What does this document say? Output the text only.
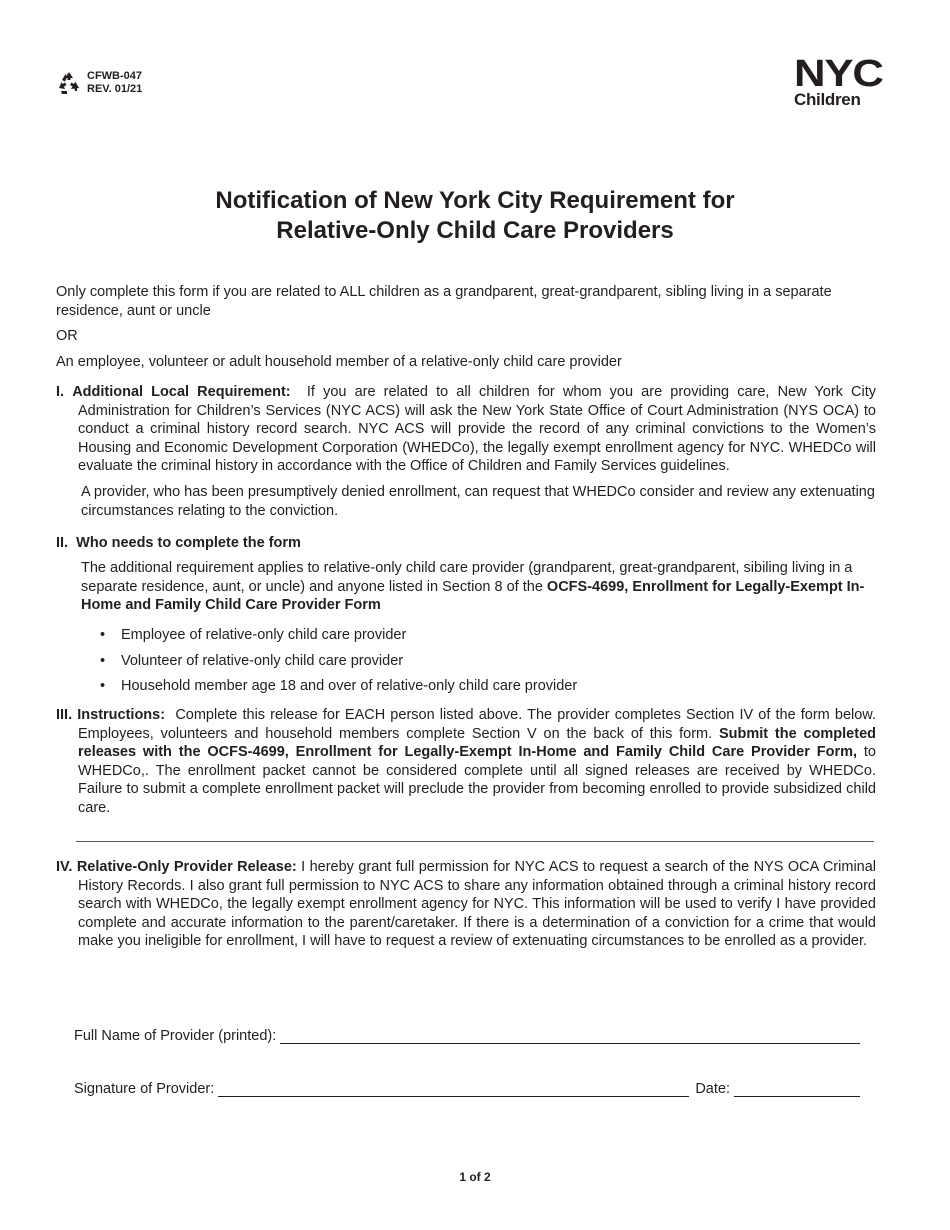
CFWB-047
REV. 01/21	NYC
Children
Notification of New York City Requirement for
Relative-Only Child Care Providers
Only complete this form if you are related to ALL children as a grandparent, great-grandparent, sibling living in a separate residence, aunt or uncle
OR
An employee, volunteer or adult household member of a relative-only child care provider
I. Additional Local Requirement: If you are related to all children for whom you are providing care, New York City Administration for Children’s Services (NYC ACS) will ask the New York State Office of Court Administration (NYS OCA) to conduct a criminal history record search. NYC ACS will provide the record of any criminal convictions to the Women’s Housing and Economic Development Corporation (WHEDCo), the legally exempt enrollment agency for NYC. WHEDCo will evaluate the criminal history in accordance with the Office of Children and Family Services guidelines.
A provider, who has been presumptively denied enrollment, can request that WHEDCo consider and review any extenuating circumstances relating to the conviction.
II. Who needs to complete the form
The additional requirement applies to relative-only child care provider (grandparent, great-grandparent, sibiling living in a separate residence, aunt, or uncle) and anyone listed in Section 8 of the OCFS-4699, Enrollment for Legally-Exempt In-Home and Family Child Care Provider Form
• Employee of relative-only child care provider
• Volunteer of relative-only child care provider
• Household member age 18 and over of relative-only child care provider
III. Instructions: Complete this release for EACH person listed above. The provider completes Section IV of the form below. Employees, volunteers and household members complete Section V on the back of this form. Submit the completed releases with the OCFS-4699, Enrollment for Legally-Exempt In-Home and Family Child Care Provider Form, to WHEDCo,. The enrollment packet cannot be considered complete until all signed releases are received by WHEDCo. Failure to submit a complete enrollment packet will preclude the provider from becoming enrolled to provide subsidized child care.
IV. Relative-Only Provider Release: I hereby grant full permission for NYC ACS to request a search of the NYS OCA Criminal History Records. I also grant full permission to NYC ACS to share any information obtained through a criminal history record search with WHEDCo, the legally exempt enrollment agency for NYC. This information will be used to verify I have provided complete and accurate information to the parent/caretaker. If there is a determination of a conviction for a crime that would make you ineligible for enrollment, I will have to request a review of extenuating circumstances to be enrolled as a provider.
Full Name of Provider (printed):
Signature of Provider:	Date:
1 of 2
